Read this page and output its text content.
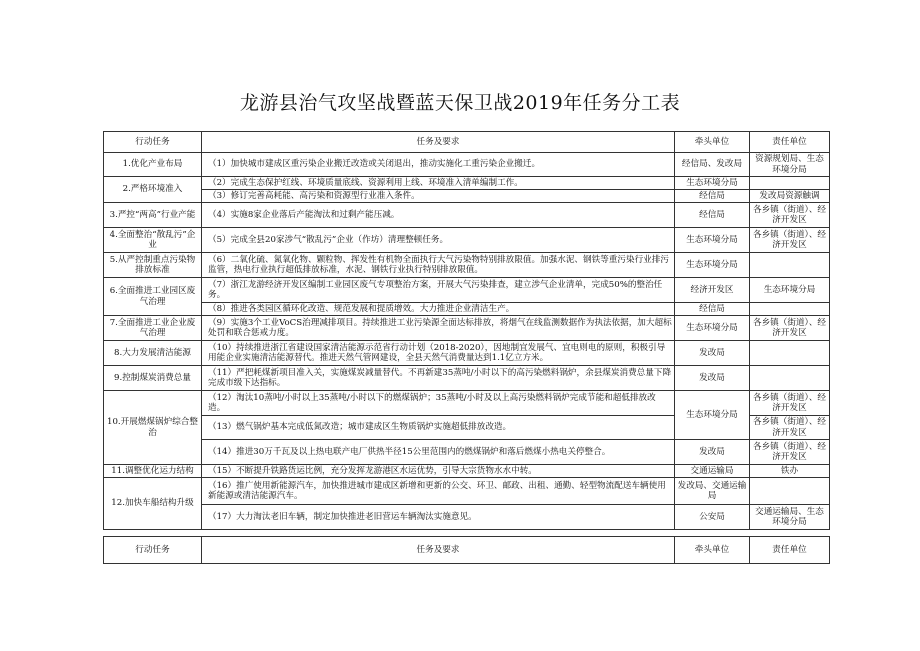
龙游县治气攻坚战暨蓝天保卫战2019年任务分工表
行动任务	任务及要求	牵头单位	责任单位
1.优化产业布局	（1）加快城市建成区重污染企业搬迁改造或关闭退出，推动实施化工重污染企业搬迁。	经信局、发改局	资源规划局、生态环境分局
2.严格环境准入	（2）完成生态保护红线、环境质量底线、资源利用上线、环境准入清单编制工作。	生态环境分局	
	（3）修订完善高耗能、高污染和资源型行业准入条件。	经信局	发改局资源触调
3.严控“两高”行业产能	（4）实施8家企业落后产能淘汰和过剩产能压减。	经信局	各乡镇（街道）、经济开发区
4.全面整治“散乱污”企业	（5）完成全县20家涉气“散乱污”企业（作坊）清理整顿任务。	生态环境分局	各乡镇（街道）、经济开发区
5.从严控制重点污染物排放标准	（6）二氧化硫、氮氧化物、颗粒物、挥发性有机物全面执行大气污染物特别排放限值。加强水泥、钢铁等重污染行业排污监管，热电行业执行超低排放标准，水泥、钢铁行业执行特别排放限值。	生态环境分局	
6.全面推进工业园区废气治理	（7）浙江龙游经济开发区编制工业园区废气专项整治方案，开展大气污染排查，建立涉气企业清单，完成50%的整治任务。	经济开发区	生态环境分局
	（8）推进各类园区循环化改造、规范发展和提质增效。大力推进企业清洁生产。	经信局	
7.全面推进工业企业废气治理	（9）实施3个工业VoCS治理减排项目。持续推进工业污染源全面达标排放，将烟气在线监测数据作为执法依据，加大超标处罚和联合惩戒力度。	生态环境分局	各乡镇（街道）、经济开发区
8.大力发展清洁能源	（10）持续推进浙江省建设国家清洁能源示范省行动计划（2018-2020），因地制宜发展气、宜电则电的原则，积极引导用能企业实施清洁能源替代。推进天然气管网建设，全县天然气消费量达到1.1亿立方米。	发改局	
9.控制煤炭消费总量	（11）严把耗煤新项目准入关，实施煤炭减量替代。不再新建35蒸吨/小时以下的高污染燃料锅炉，余县煤炭消费总量下降完成市级下达指标。	发改局	
10.开展燃煤锅炉综合整治	（12）淘汰10蒸吨/小时以上35蒸吨/小时以下的燃煤锅炉；35蒸吨/小时及以上高污染燃料锅炉完成节能和超低排放改造。	生态环境分局	各乡镇（街道）、经济开发区
	（13）燃气锅炉基本完成低氮改造；城市建成区生物质锅炉实施超低排放改造。		各乡镇（街道）、经济开发区
	（14）推进30万千瓦及以上热电联产电厂供热半径15公里范围内的燃煤锅炉和落后燃煤小热电关停整合。	发改局	各乡镇（街道）、经济开发区
11.调整优化运力结构	（15）不断提升铁路货运比例，充分发挥龙游港区水运优势，引导大宗货物水水中转。	交通运输局	铁办
12.加快车船结构升级	（16）推广使用新能源汽车，加快推进城市建成区新增和更新的公交、环卫、邮政、出租、通勤、轻型物流配送车辆使用新能源或清洁能源汽车。	发改局、交通运输局	
	（17）大力淘汰老旧车辆，制定加快推进老旧营运车辆淘汰实施意见。	公安局	交通运输局、生态环境分局
行动任务	任务及要求	牵头单位	责任单位
